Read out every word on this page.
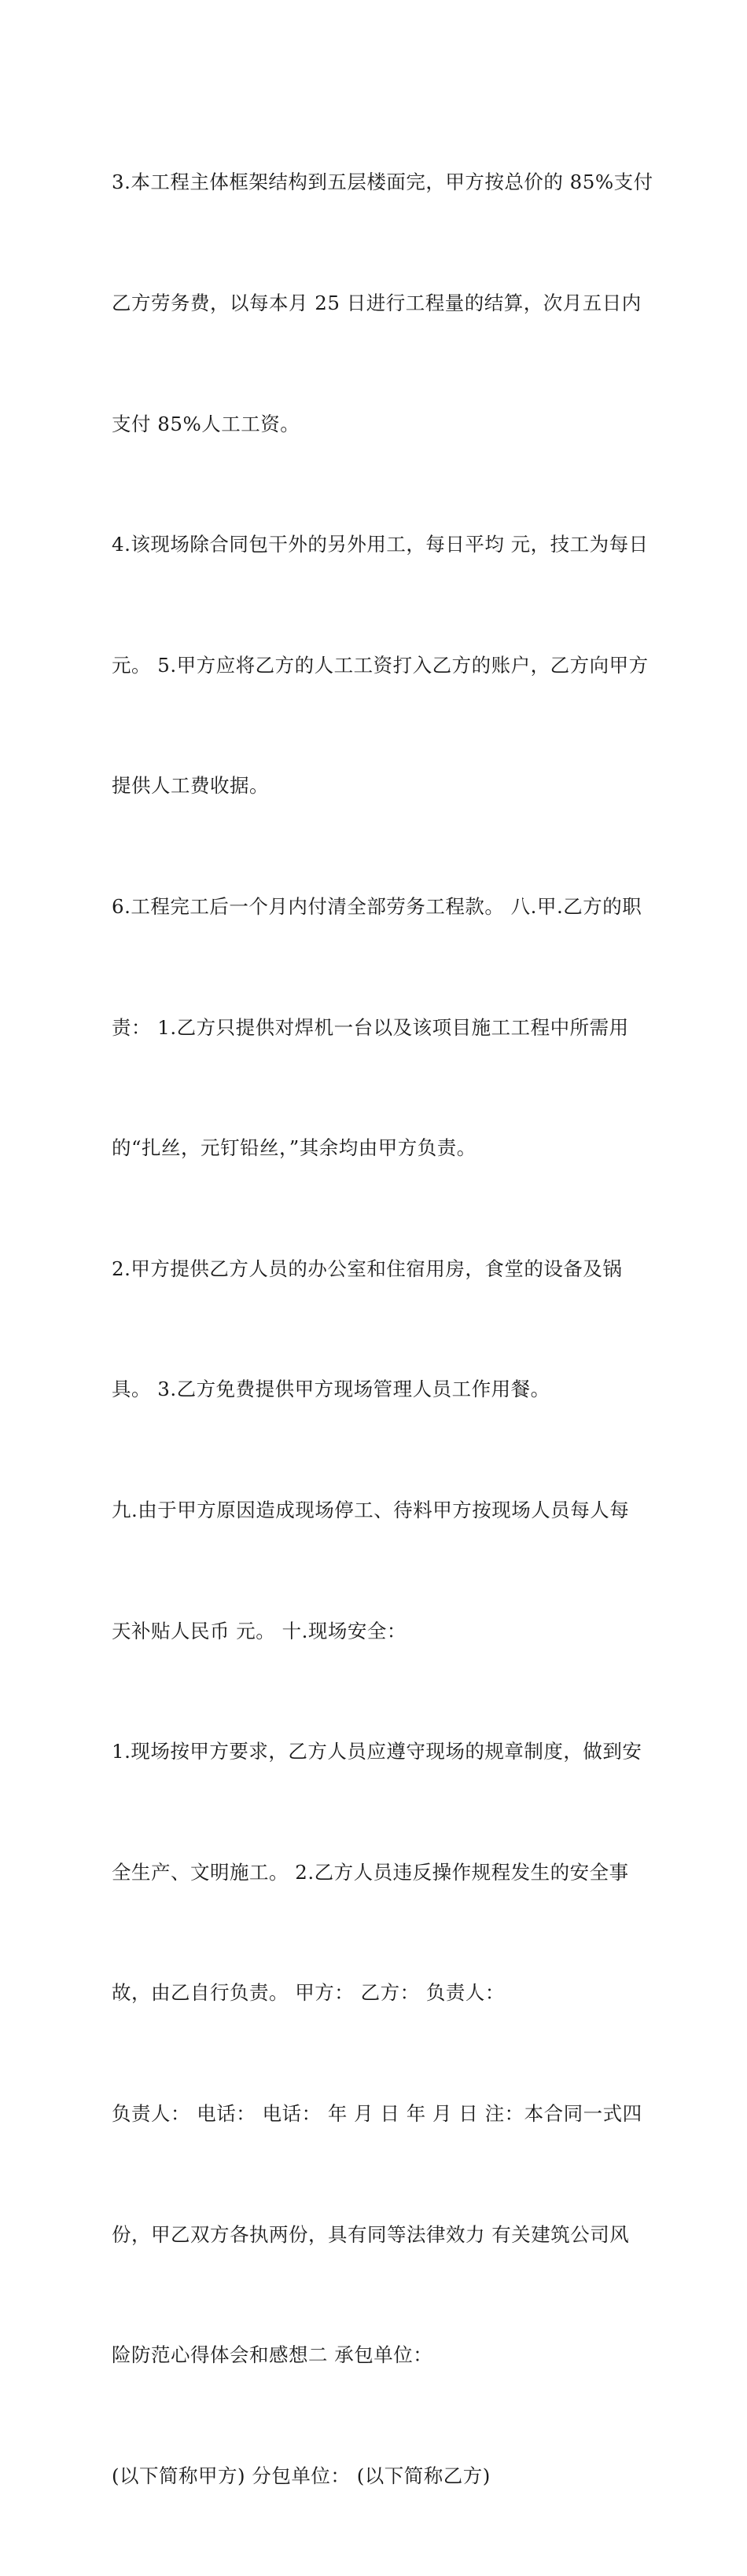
3.本工程主体框架结构到五层楼面完，甲方按总价的 85%支付

乙方劳务费，以每本月 25 日进行工程量的结算，次月五日内

支付 85%人工工资。

4.该现场除合同包干外的另外用工，每日平均 元，技工为每日

元。 5.甲方应将乙方的人工工资打入乙方的账户，乙方向甲方

提供人工费收据。

6.工程完工后一个月内付清全部劳务工程款。 八.甲.乙方的职

责： 1.乙方只提供对焊机一台以及该项目施工工程中所需用

的“扎丝，元钉铅丝，”其余均由甲方负责。

2.甲方提供乙方人员的办公室和住宿用房，食堂的设备及锅

具。 3.乙方免费提供甲方现场管理人员工作用餐。

九.由于甲方原因造成现场停工、待料甲方按现场人员每人每

天补贴人民币 元。 十.现场安全：

1.现场按甲方要求，乙方人员应遵守现场的规章制度，做到安

全生产、文明施工。 2.乙方人员违反操作规程发生的安全事

故，由乙自行负责。 甲方： 乙方： 负责人：

负责人： 电话： 电话： 年 月 日 年 月 日 注：本合同一式四

份，甲乙双方各执两份，具有同等法律效力 有关建筑公司风

险防范心得体会和感想二 承包单位：

(以下简称甲方) 分包单位： (以下简称乙方)
